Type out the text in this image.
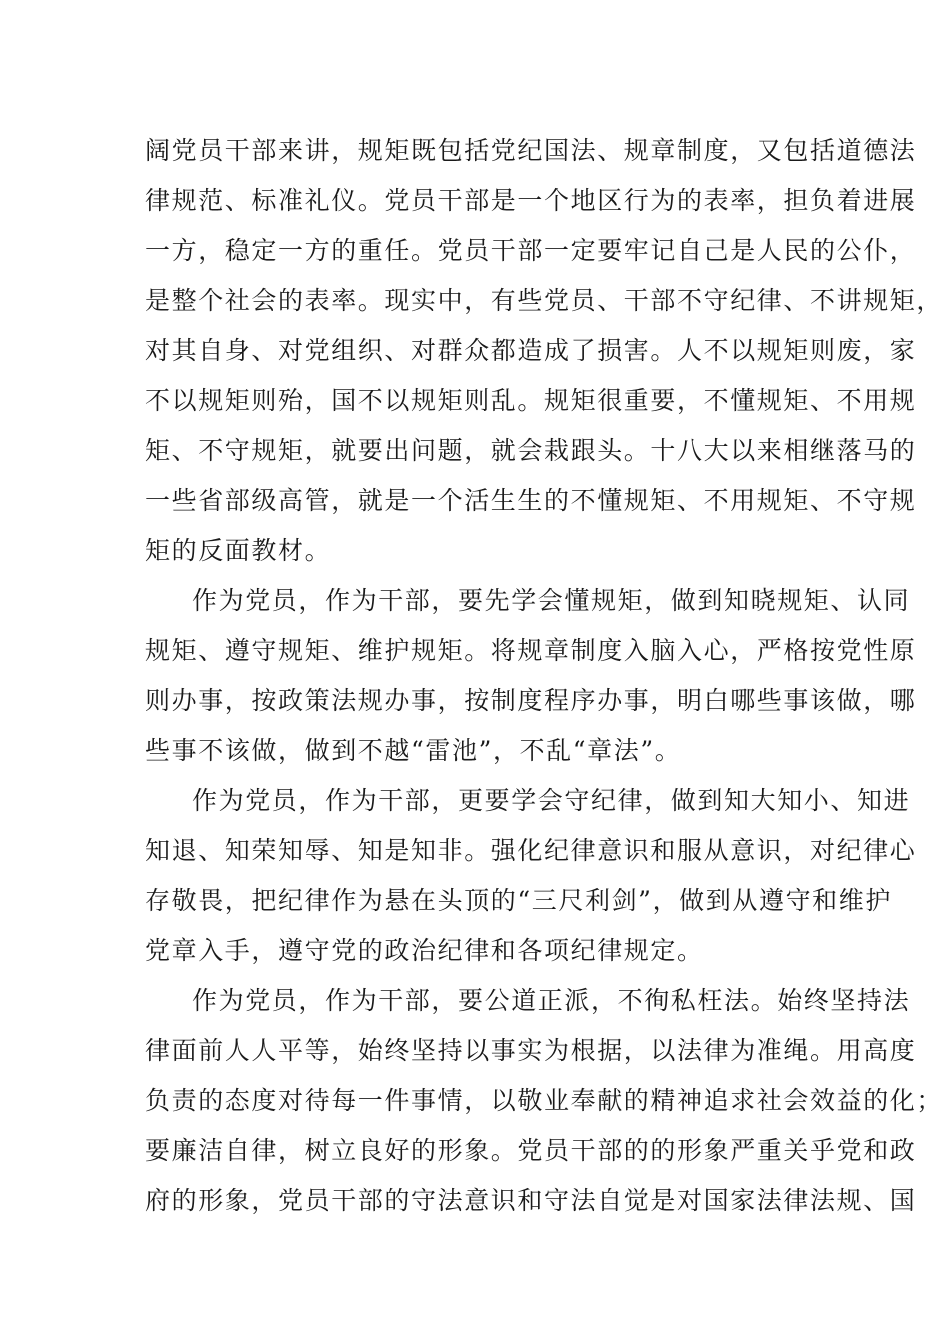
阔党员干部来讲，规矩既包括党纪国法、规章制度，又包括道德法
律规范、标准礼仪。党员干部是一个地区行为的表率，担负着进展
一方，稳定一方的重任。党员干部一定要牢记自己是人民的公仆，
是整个社会的表率。现实中，有些党员、干部不守纪律、不讲规矩，
对其自身、对党组织、对群众都造成了损害。人不以规矩则废，家
不以规矩则殆，国不以规矩则乱。规矩很重要，不懂规矩、不用规
矩、不守规矩，就要出问题，就会栽跟头。十八大以来相继落马的
一些省部级高管，就是一个活生生的不懂规矩、不用规矩、不守规
矩的反面教材。
作为党员，作为干部，要先学会懂规矩，做到知晓规矩、认同
规矩、遵守规矩、维护规矩。将规章制度入脑入心，严格按党性原
则办事，按政策法规办事，按制度程序办事，明白哪些事该做，哪
些事不该做，做到不越“雷池”，不乱“章法”。
作为党员，作为干部，更要学会守纪律，做到知大知小、知进
知退、知荣知辱、知是知非。强化纪律意识和服从意识，对纪律心
存敬畏，把纪律作为悬在头顶的“三尺利剑”，做到从遵守和维护
党章入手，遵守党的政治纪律和各项纪律规定。
作为党员，作为干部，要公道正派，不徇私枉法。始终坚持法
律面前人人平等，始终坚持以事实为根据，以法律为准绳。用高度
负责的态度对待每一件事情，以敬业奉献的精神追求社会效益的化；
要廉洁自律，树立良好的形象。党员干部的的形象严重关乎党和政
府的形象，党员干部的守法意识和守法自觉是对国家法律法规、国
